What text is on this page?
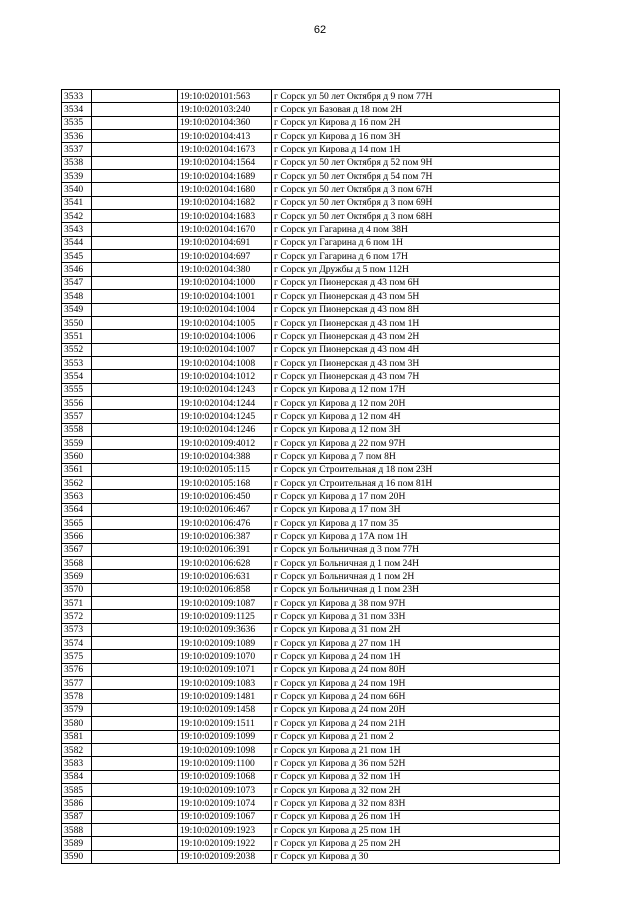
62
3533		19:10:020101:563	г Сорск ул 50 лет Октября д 9 пом 77Н
3534		19:10:020103:240	г Сорск ул Базовая д 18 пом 2Н
3535		19:10:020104:360	г Сорск ул Кирова д 16 пом 2Н
3536		19:10:020104:413	г Сорск ул Кирова д 16 пом 3Н
3537		19:10:020104:1673	г Сорск ул Кирова д 14 пом 1Н
3538		19:10:020104:1564	г Сорск ул 50 лет Октября д 52 пом 9Н
3539		19:10:020104:1689	г Сорск ул 50 лет Октября д 54 пом 7Н
3540		19:10:020104:1680	г Сорск ул 50 лет Октября д 3 пом 67Н
3541		19:10:020104:1682	г Сорск ул 50 лет Октября д 3 пом 69Н
3542		19:10:020104:1683	г Сорск ул 50 лет Октября д 3 пом 68Н
3543		19:10:020104:1670	г Сорск ул Гагарина д 4 пом 38Н
3544		19:10:020104:691	г Сорск ул Гагарина д 6 пом 1Н
3545		19:10:020104:697	г Сорск ул Гагарина д 6 пом 17Н
3546		19:10:020104:380	г Сорск ул Дружбы д 5 пом 112Н
3547		19:10:020104:1000	г Сорск ул Пионерская д 43 пом 6Н
3548		19:10:020104:1001	г Сорск ул Пионерская д 43 пом 5Н
3549		19:10:020104:1004	г Сорск ул Пионерская д 43 пом 8Н
3550		19:10:020104:1005	г Сорск ул Пионерская д 43 пом 1Н
3551		19:10:020104:1006	г Сорск ул Пионерская д 43 пом 2Н
3552		19:10:020104:1007	г Сорск ул Пионерская д 43 пом 4Н
3553		19:10:020104:1008	г Сорск ул Пионерская д 43 пом 3Н
3554		19:10:020104:1012	г Сорск ул Пионерская д 43 пом 7Н
3555		19:10:020104:1243	г Сорск ул Кирова д 12 пом 17Н
3556		19:10:020104:1244	г Сорск ул Кирова д 12 пом 20Н
3557		19:10:020104:1245	г Сорск ул Кирова д 12 пом 4Н
3558		19:10:020104:1246	г Сорск ул Кирова д 12 пом 3Н
3559		19:10:020109:4012	г Сорск ул Кирова д 22 пом 97Н
3560		19:10:020104:388	г Сорск ул Кирова д 7 пом 8Н
3561		19:10:020105:115	г Сорск ул Строительная д 18 пом 23Н
3562		19:10:020105:168	г Сорск ул Строительная д 16 пом 81Н
3563		19:10:020106:450	г Сорск ул Кирова д 17 пом 20Н
3564		19:10:020106:467	г Сорск ул Кирова д 17 пом 3Н
3565		19:10:020106:476	г Сорск ул Кирова д 17 пом 35
3566		19:10:020106:387	г Сорск ул Кирова д 17А пом 1Н
3567		19:10:020106:391	г Сорск ул Больничная д 3 пом 77Н
3568		19:10:020106:628	г Сорск ул Больничная д 1 пом 24Н
3569		19:10:020106:631	г Сорск ул Больничная д 1 пом 2Н
3570		19:10:020106:858	г Сорск ул Больничная д 1 пом 23Н
3571		19:10:020109:1087	г Сорск ул Кирова д 38 пом 97Н
3572		19:10:020109:1125	г Сорск ул Кирова д 31 пом 33Н
3573		19:10:020109:3636	г Сорск ул Кирова д 31 пом 2Н
3574		19:10:020109:1089	г Сорск ул Кирова д 27 пом 1Н
3575		19:10:020109:1070	г Сорск ул Кирова д 24 пом 1Н
3576		19:10:020109:1071	г Сорск ул Кирова д 24 пом 80Н
3577		19:10:020109:1083	г Сорск ул Кирова д 24 пом 19Н
3578		19:10:020109:1481	г Сорск ул Кирова д 24 пом 66Н
3579		19:10:020109:1458	г Сорск ул Кирова д 24 пом 20Н
3580		19:10:020109:1511	г Сорск ул Кирова д 24 пом 21Н
3581		19:10:020109:1099	г Сорск ул Кирова д 21 пом 2
3582		19:10:020109:1098	г Сорск ул Кирова д 21 пом 1Н
3583		19:10:020109:1100	г Сорск ул Кирова д 36 пом 52Н
3584		19:10:020109:1068	г Сорск ул Кирова д 32 пом 1Н
3585		19:10:020109:1073	г Сорск ул Кирова д 32 пом 2Н
3586		19:10:020109:1074	г Сорск ул Кирова д 32 пом 83Н
3587		19:10:020109:1067	г Сорск ул Кирова д 26 пом 1Н
3588		19:10:020109:1923	г Сорск ул Кирова д 25 пом 1Н
3589		19:10:020109:1922	г Сорск ул Кирова д 25 пом 2Н
3590		19:10:020109:2038	г Сорск ул Кирова д 30
